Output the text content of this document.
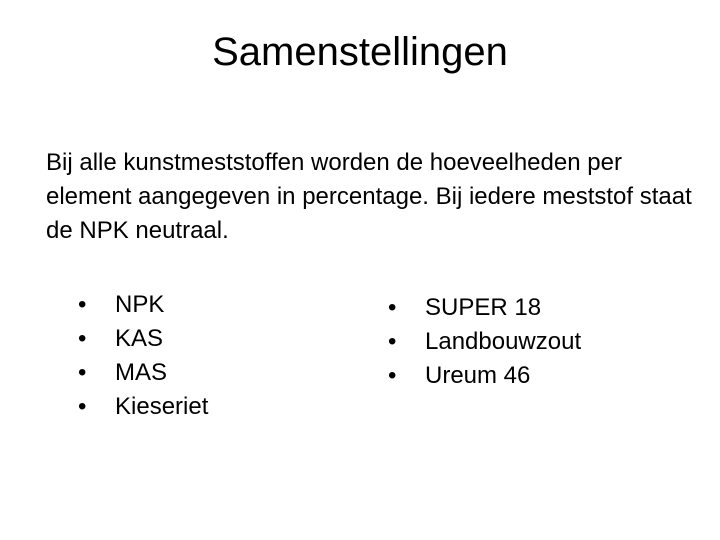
Samenstellingen

Bij alle kunstmeststoffen worden de hoeveelheden per element aangegeven in percentage. Bij iedere meststof staat de NPK neutraal.

• NPK
• KAS
• MAS
• Kieseriet
• SUPER 18
• Landbouwzout
• Ureum 46
